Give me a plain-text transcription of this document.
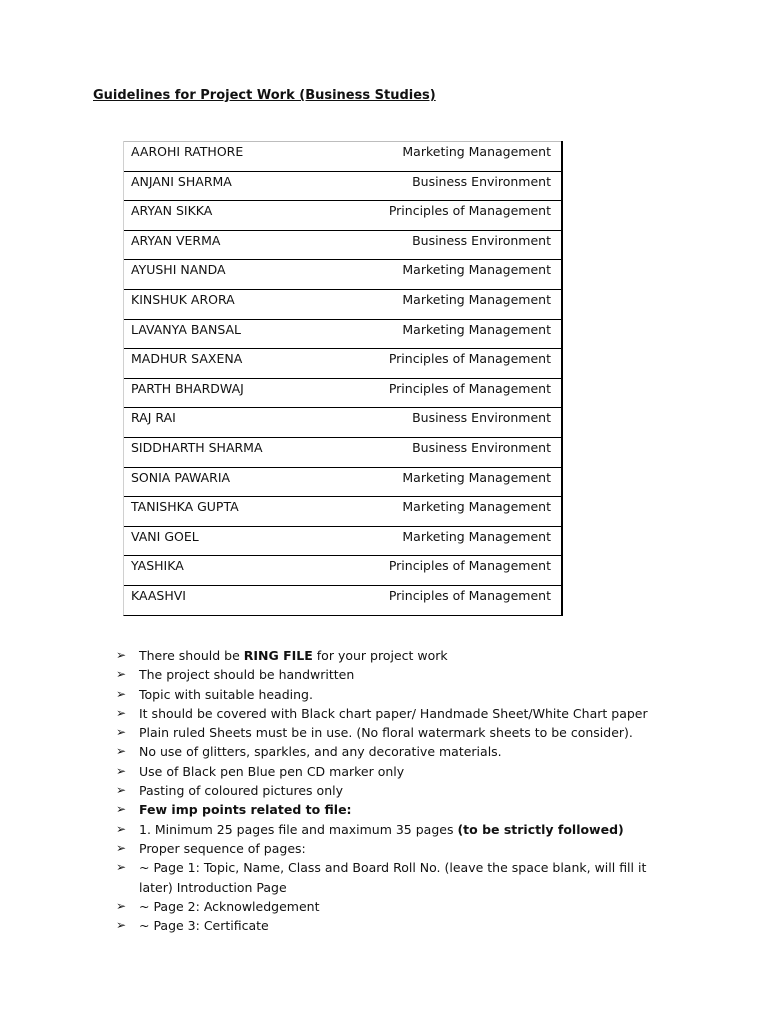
Guidelines for Project Work (Business Studies)
AAROHI RATHORE	Marketing Management
ANJANI SHARMA	Business Environment
ARYAN SIKKA	Principles of Management
ARYAN VERMA	Business Environment
AYUSHI NANDA	Marketing Management
KINSHUK ARORA	Marketing Management
LAVANYA BANSAL	Marketing Management
MADHUR SAXENA	Principles of Management
PARTH BHARDWAJ	Principles of Management
RAJ RAI	Business Environment
SIDDHARTH SHARMA	Business Environment
SONIA PAWARIA	Marketing Management
TANISHKA GUPTA	Marketing Management
VANI GOEL	Marketing Management
YASHIKA	Principles of Management
KAASHVI	Principles of Management
➢ There should be RING FILE for your project work
➢ The project should be handwritten
➢ Topic with suitable heading.
➢ It should be covered with Black chart paper/ Handmade Sheet/White Chart paper
➢ Plain ruled Sheets must be in use. (No floral watermark sheets to be consider).
➢ No use of glitters, sparkles, and any decorative materials.
➢ Use of Black pen Blue pen CD marker only
➢ Pasting of coloured pictures only
➢ Few imp points related to file:
➢ 1. Minimum 25 pages file and maximum 35 pages (to be strictly followed)
➢ Proper sequence of pages:
➢ ~ Page 1: Topic, Name, Class and Board Roll No. (leave the space blank, will fill it later) Introduction Page
➢ ~ Page 2: Acknowledgement
➢ ~ Page 3: Certificate
